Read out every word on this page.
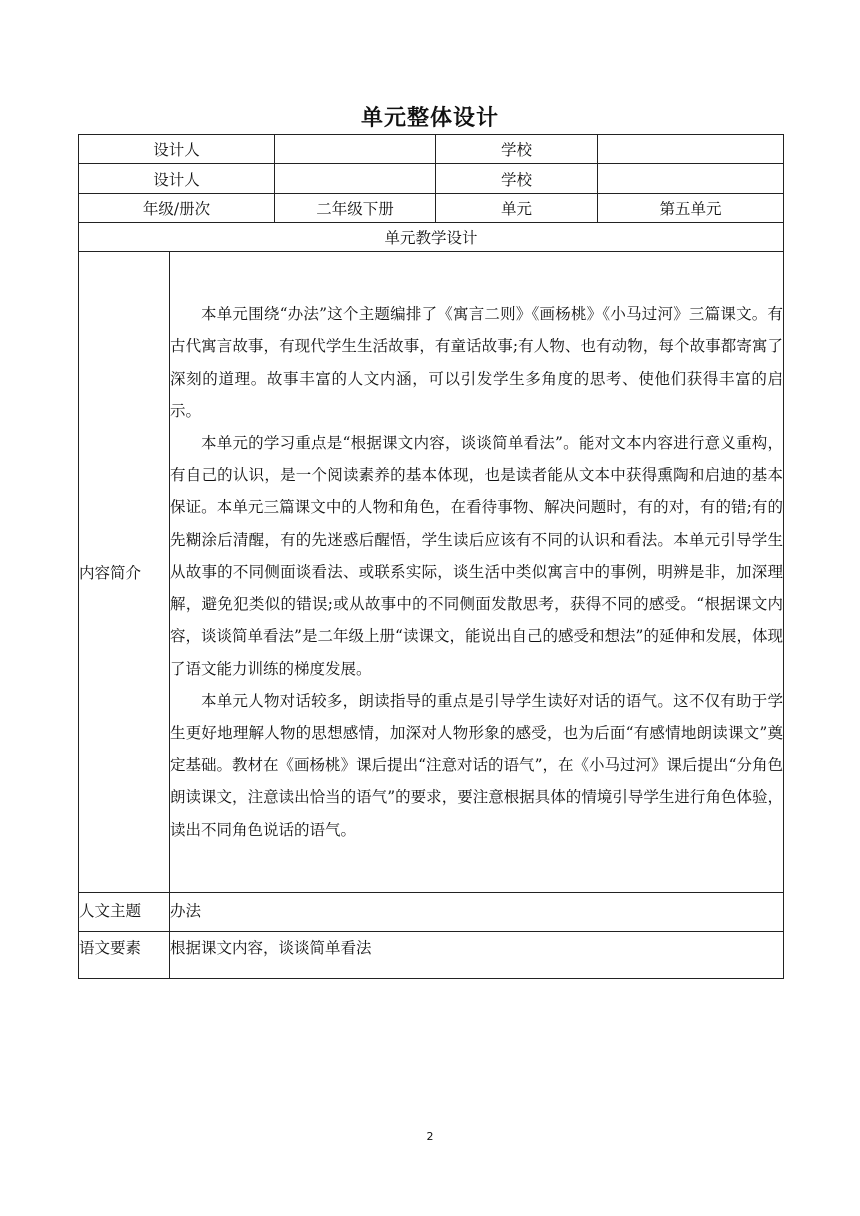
单元整体设计
设计人			学校	
设计人			学校	
年级/册次		二年级下册	单元	第五单元
单元教学设计				
内容简介	本单元围绕“办法”这个主题编排了《寓言二则》《画杨桃》《小马过河》三篇课文。有古代寓言故事，有现代学生生活故事，有童话故事;有人物、也有动物，每个故事都寄寓了深刻的道理。故事丰富的人文内涵，可以引发学生多角度的思考、使他们获得丰富的启示。

本单元的学习重点是“根据课文内容，谈谈简单看法”。能对文本内容进行意义重构，有自己的认识，是一个阅读素养的基本体现，也是读者能从文本中获得熏陶和启迪的基本保证。本单元三篇课文中的人物和角色，在看待事物、解决问题时，有的对，有的错;有的先糊涂后清醒，有的先迷惑后醒悟，学生读后应该有不同的认识和看法。本单元引导学生从故事的不同侧面谈看法、或联系实际，谈生活中类似寓言中的事例，明辨是非，加深理解，避免犯类似的错误;或从故事中的不同侧面发散思考，获得不同的感受。“根据课文内容，谈谈简单看法”是二年级上册“读课文，能说出自己的感受和想法”的延伸和发展，体现了语文能力训练的梯度发展。

本单元人物对话较多，朗读指导的重点是引导学生读好对话的语气。这不仅有助于学生更好地理解人物的思想感情，加深对人物形象的感受，也为后面“有感情地朗读课文”奠定基础。教材在《画杨桃》课后提出“注意对话的语气”，在《小马过河》课后提出“分角色朗读课文，注意读出恰当的语气”的要求，要注意根据具体的情境引导学生进行角色体验，读出不同角色说话的语气。			

人文主题	办法			
语文要素	根据课文内容，谈谈简单看法			
2
